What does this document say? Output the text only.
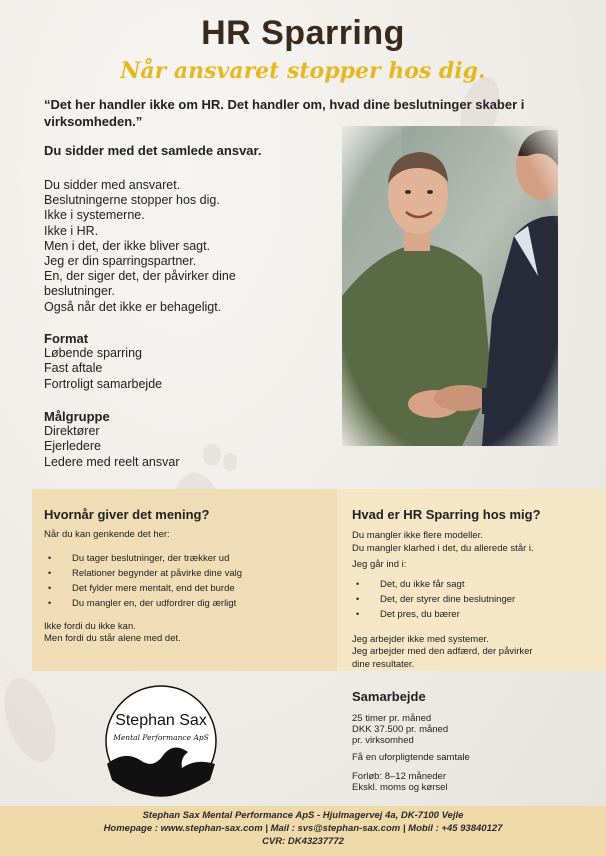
HR Sparring
Når ansvaret stopper hos dig.
“Det her handler ikke om HR. Det handler om, hvad dine beslutninger skaber i virksomheden.”
Du sidder med det samlede ansvar.
Du sidder med ansvaret.
Beslutningerne stopper hos dig.
Ikke i systemerne.
Ikke i HR.
Men i det, der ikke bliver sagt.
Jeg er din sparringspartner.
En, der siger det, der påvirker dine
beslutninger.
Også når det ikke er behageligt.
Format
Løbende sparring
Fast aftale
Fortroligt samarbejde
Målgruppe
Direktører
Ejerledere
Ledere med reelt ansvar
Hvornår giver det mening?
Når du kan genkende det her:
• Du tager beslutninger, der trækker ud
• Relationer begynder at påvirke dine valg
• Det fylder mere mentalt, end det burde
• Du mangler en, der udfordrer dig ærligt
Ikke fordi du ikke kan.
Men fordi du står alene med det.
Hvad er HR Sparring hos mig?
Du mangler ikke flere modeller.
Du mangler klarhed i det, du allerede står i.
Jeg går ind i:
• Det, du ikke får sagt
• Det, der styrer dine beslutninger
• Det pres, du bærer
Jeg arbejder ikke med systemer.
Jeg arbejder med den adfærd, der påvirker
dine resultater.
Stephan Sax
Mental Performance ApS
Samarbejde
25 timer pr. måned
DKK 37.500 pr. måned
pr. virksomhed
Få en uforpligtende samtale
Forløb: 8–12 måneder
Ekskl. moms og kørsel
Stephan Sax Mental Performance ApS - Hjulmagervej 4a, DK-7100 Vejle
Homepage : www.stephan-sax.com | Mail : svs@stephan-sax.com | Mobil : +45 93840127
CVR: DK43237772
